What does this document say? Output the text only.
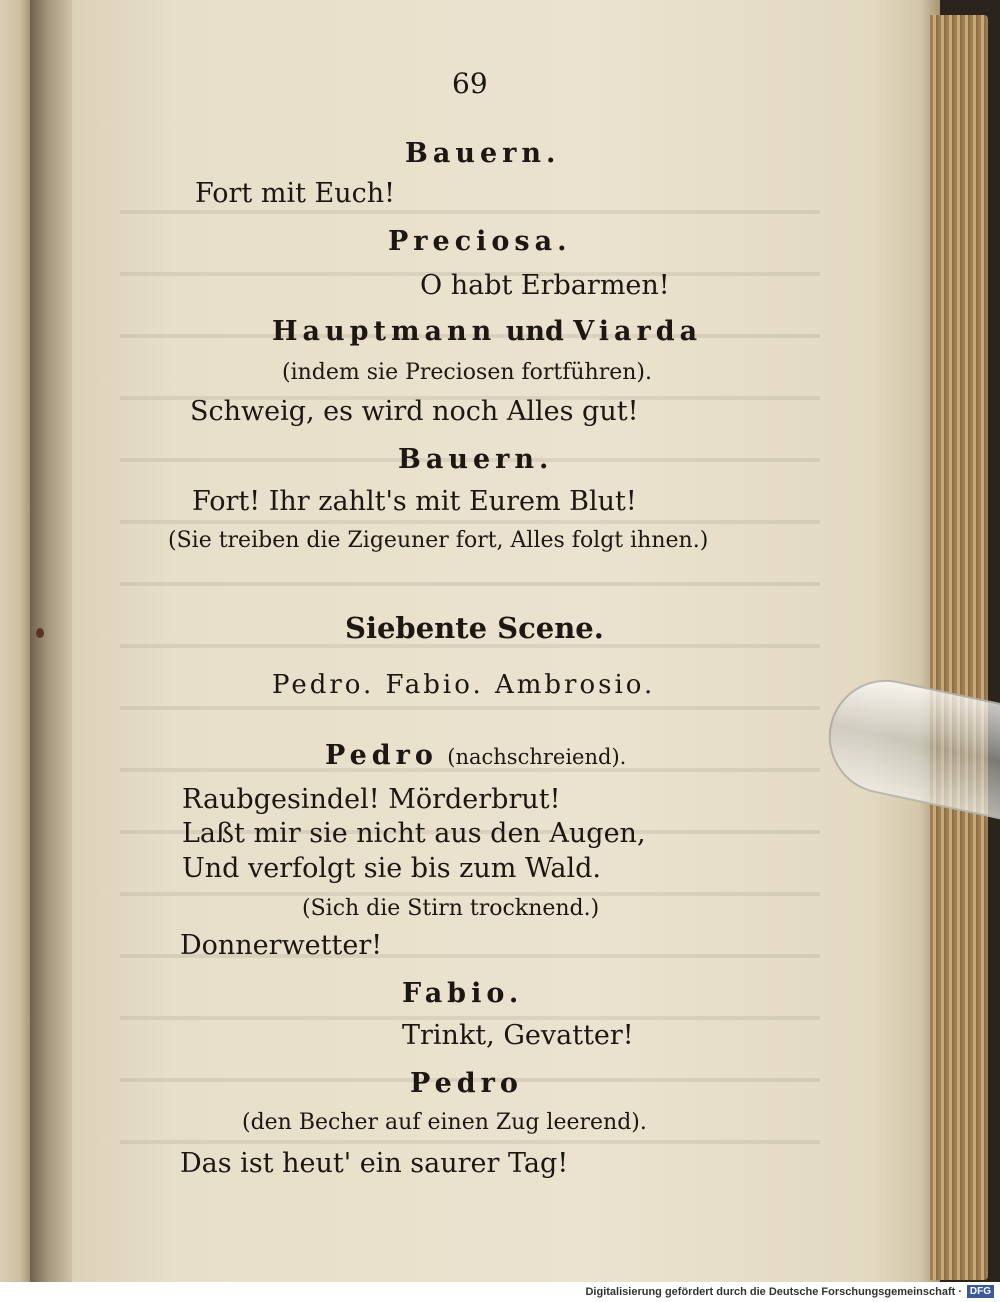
69
Bauern.
Fort mit Euch!
Preciosa.
O habt Erbarmen!
Hauptmann und Viarda
(indem sie Preciosen fortführen).
Schweig, es wird noch Alles gut!
Bauern.
Fort! Ihr zahlt's mit Eurem Blut!
(Sie treiben die Zigeuner fort, Alles folgt ihnen.)
Siebente Scene.
Pedro. Fabio. Ambrosio.
Pedro (nachschreiend).
Raubgesindel! Mörderbrut!
Laßt mir sie nicht aus den Augen,
Und verfolgt sie bis zum Wald.
(Sich die Stirn trocknend.)
Donnerwetter!
Fabio.
Trinkt, Gevatter!
Pedro
(den Becher auf einen Zug leerend).
Das ist heut' ein saurer Tag!
Digitalisierung gefördert durch die Deutsche Forschungsgemeinschaft · DFG
